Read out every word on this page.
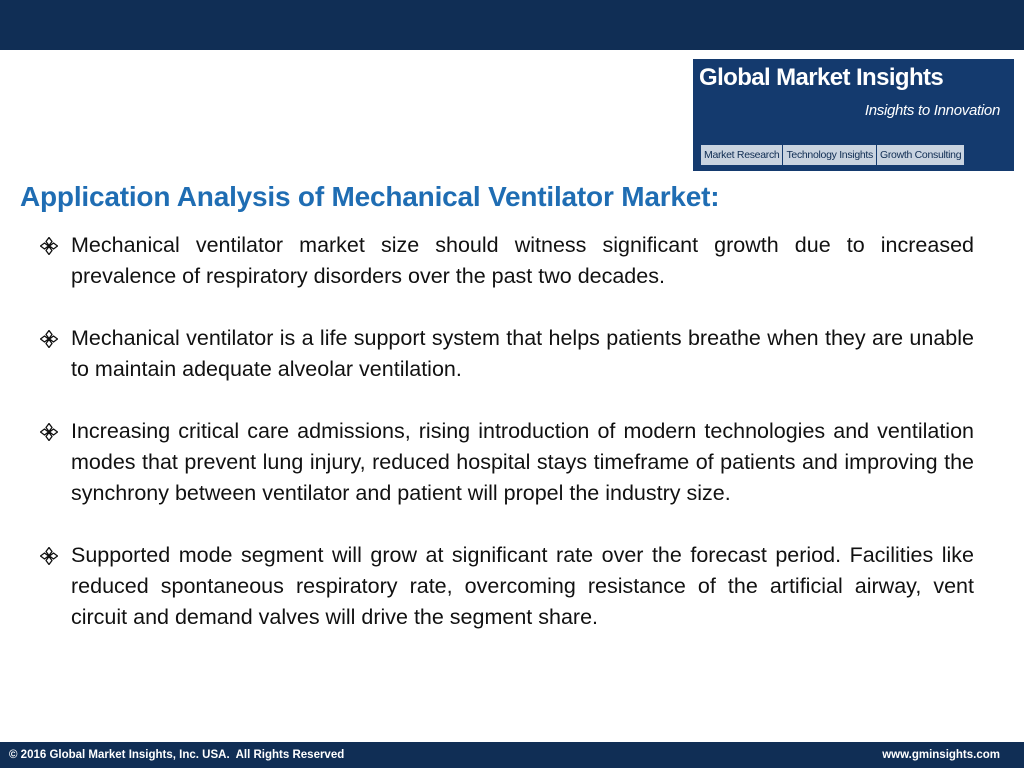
Global Market Insights
Insights to Innovation
Market Research Technology Insights Growth Consulting
Application Analysis of Mechanical Ventilator Market:
Mechanical ventilator market size should witness significant growth due to increased prevalence of respiratory disorders over the past two decades.
Mechanical ventilator is a life support system that helps patients breathe when they are unable to maintain adequate alveolar ventilation.
Increasing critical care admissions, rising introduction of modern technologies and ventilation modes that prevent lung injury, reduced hospital stays timeframe of patients and improving the synchrony between ventilator and patient will propel the industry size.
Supported mode segment will grow at significant rate over the forecast period. Facilities like reduced spontaneous respiratory rate, overcoming resistance of the artificial airway, vent circuit and demand valves will drive the segment share.
© 2016 Global Market Insights, Inc. USA.  All Rights Reserved	www.gminsights.com
